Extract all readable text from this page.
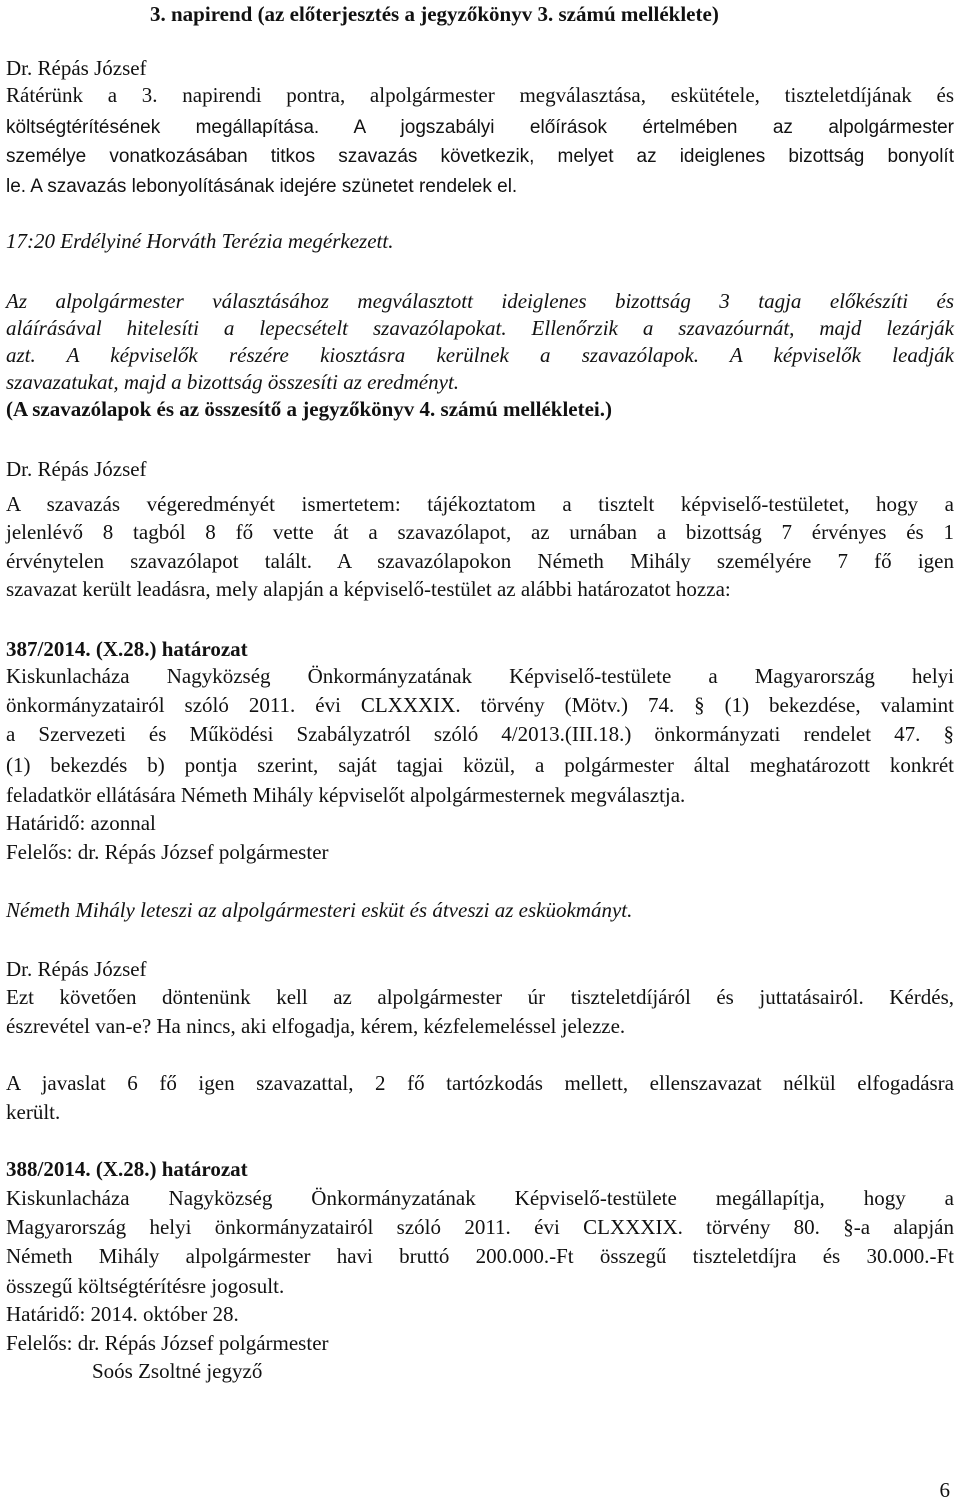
3. napirend (az előterjesztés a jegyzőkönyv 3. számú melléklete)
Dr. Répás József
Rátérünk a 3. napirendi pontra, alpolgármester megválasztása, eskütétele, tiszteletdíjának és
költségtérítésének megállapítása. A jogszabályi előírások értelmében az alpolgármester
személye vonatkozásában titkos szavazás következik, melyet az ideiglenes bizottság bonyolít
le. A szavazás lebonyolításának idejére szünetet rendelek el.
17:20 Erdélyiné Horváth Terézia megérkezett.
Az alpolgármester választásához megválasztott ideiglenes bizottság 3 tagja előkészíti és
aláírásával hitelesíti a lepecsételt szavazólapokat. Ellenőrzik a szavazóurnát, majd lezárják
azt. A képviselők részére kiosztásra kerülnek a szavazólapok. A képviselők leadják
szavazatukat, majd a bizottság összesíti az eredményt.
(A szavazólapok és az összesítő a jegyzőkönyv 4. számú mellékletei.)
Dr. Répás József
A szavazás végeredményét ismertetem: tájékoztatom a tisztelt képviselő-testületet, hogy a
jelenlévő 8 tagból 8 fő vette át a szavazólapot, az urnában a bizottság 7 érvényes és 1
érvénytelen szavazólapot talált. A szavazólapokon Németh Mihály személyére 7 fő igen
szavazat került leadásra, mely alapján a képviselő-testület az alábbi határozatot hozza:
387/2014. (X.28.) határozat
Kiskunlacháza Nagyközség Önkormányzatának Képviselő-testülete a Magyarország helyi
önkormányzatairól szóló 2011. évi CLXXXIX. törvény (Mötv.) 74. § (1) bekezdése, valamint
a Szervezeti és Működési Szabályzatról szóló 4/2013.(III.18.) önkormányzati rendelet 47. §
(1) bekezdés b) pontja szerint, saját tagjai közül, a polgármester által meghatározott konkrét
feladatkör ellátására Németh Mihály képviselőt alpolgármesternek megválasztja.
Határidő: azonnal
Felelős: dr. Répás József polgármester
Németh Mihály leteszi az alpolgármesteri esküt és átveszi az esküokmányt.
Dr. Répás József
Ezt követően döntenünk kell az alpolgármester úr tiszteletdíjáról és juttatásairól. Kérdés,
észrevétel van-e? Ha nincs, aki elfogadja, kérem, kézfelemeléssel jelezze.
A javaslat 6 fő igen szavazattal, 2 fő tartózkodás mellett, ellenszavazat nélkül elfogadásra
került.
388/2014. (X.28.) határozat
Kiskunlacháza Nagyközség Önkormányzatának Képviselő-testülete megállapítja, hogy a
Magyarország helyi önkormányzatairól szóló 2011. évi CLXXXIX. törvény 80. §-a alapján
Németh Mihály alpolgármester havi bruttó 200.000.-Ft összegű tiszteletdíjra és 30.000.-Ft
összegű költségtérítésre jogosult.
Határidő: 2014. október 28.
Felelős: dr. Répás József polgármester
Soós Zsoltné jegyző
6
